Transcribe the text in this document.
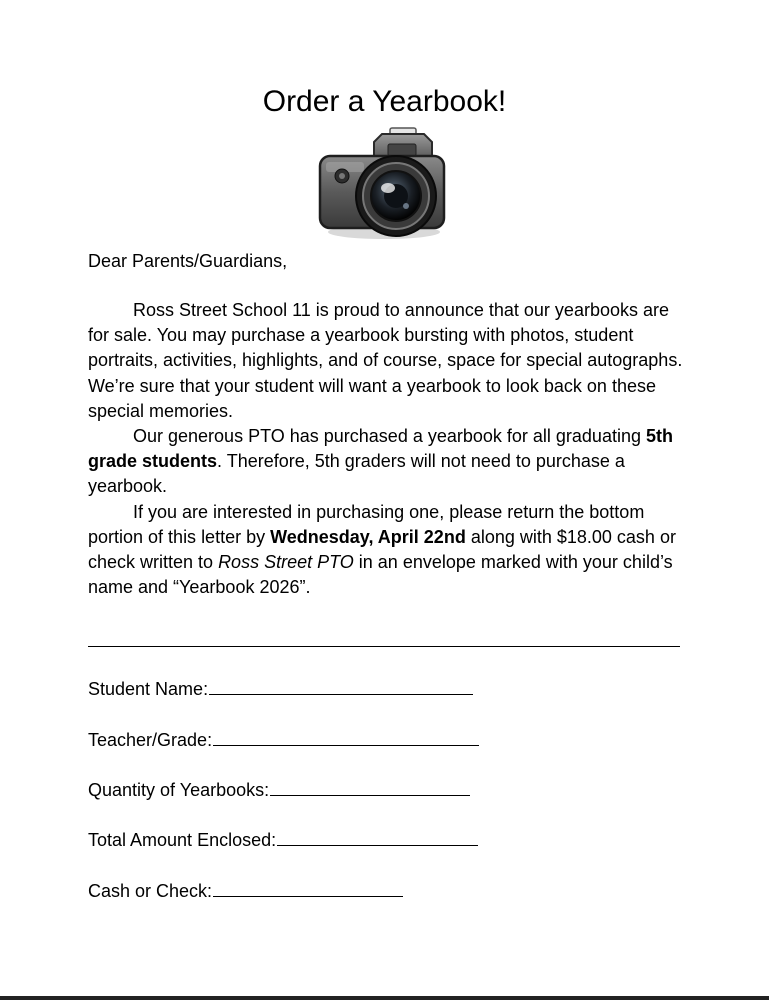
Order a Yearbook!

Dear Parents/Guardians,

Ross Street School 11 is proud to announce that our yearbooks are for sale. You may purchase a yearbook bursting with photos, student portraits, activities, highlights, and of course, space for special autographs. We’re sure that your student will want a yearbook to look back on these special memories.

Our generous PTO has purchased a yearbook for all graduating 5th grade students. Therefore, 5th graders will not need to purchase a yearbook.

If you are interested in purchasing one, please return the bottom portion of this letter by Wednesday, April 22nd along with $18.00 cash or check written to Ross Street PTO in an envelope marked with your child’s name and “Yearbook 2026”.

Student Name:
Teacher/Grade:
Quantity of Yearbooks:
Total Amount Enclosed:
Cash or Check:
